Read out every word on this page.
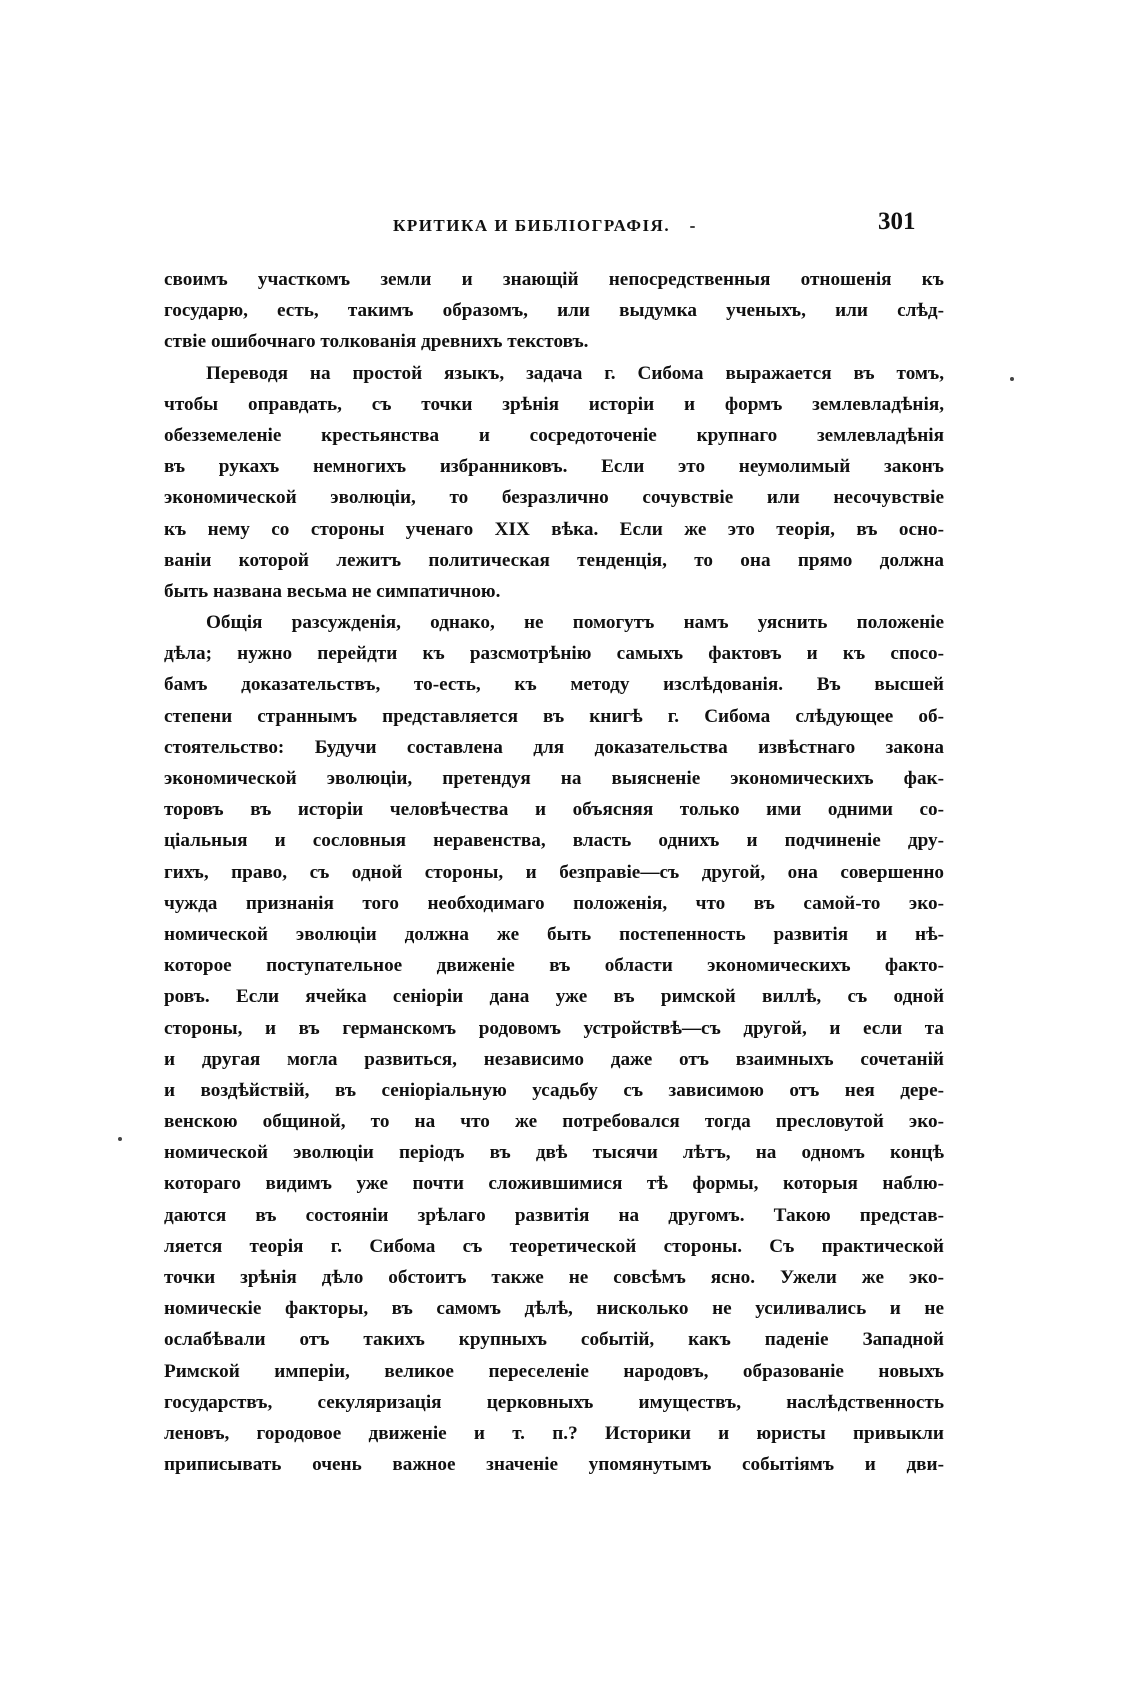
КРИТИКА И БИБЛІОГРАФІЯ.	301
своимъ участкомъ земли и знающій непосредственныя отношенія къ
государю, есть, такимъ образомъ, или выдумка ученыхъ, или слѣд-
ствіе ошибочнаго толкованія древнихъ текстовъ.
Переводя на простой языкъ, задача г. Сибома выражается въ томъ,
чтобы оправдать, съ точки зрѣнія исторіи и формъ землевладѣнія,
обезземеленіе крестьянства и сосредоточеніе крупнаго землевладѣнія
въ рукахъ немногихъ избранниковъ. Если это неумолимый законъ
экономической эволюціи, то безразлично сочувствіе или несочувствіе
къ нему со стороны ученаго XIX вѣка. Если же это теорія, въ осно-
ваніи которой лежитъ политическая тенденція, то она прямо должна
быть названа весьма не симпатичною.
Общія разсужденія, однако, не помогутъ намъ уяснить положеніе
дѣла; нужно перейдти къ разсмотрѣнію самыхъ фактовъ и къ спосо-
бамъ доказательствъ, то-есть, къ методу изслѣдованія. Въ высшей
степени страннымъ представляется въ книгѣ г. Сибома слѣдующее об-
стоятельство: Будучи составлена для доказательства извѣстнаго закона
экономической эволюціи, претендуя на выясненіе экономическихъ фак-
торовъ въ исторіи человѣчества и объясняя только ими одними со-
ціальныя и сословныя неравенства, власть однихъ и подчиненіе дру-
гихъ, право, съ одной стороны, и безправіе—съ другой, она совершенно
чужда признанія того необходимаго положенія, что въ самой-то эко-
номической эволюціи должна же быть постепенность развитія и нѣ-
которое поступательное движеніе въ области экономическихъ факто-
ровъ. Если ячейка сеніоріи дана уже въ римской виллѣ, съ одной
стороны, и въ германскомъ родовомъ устройствѣ—съ другой, и если та
и другая могла развиться, независимо даже отъ взаимныхъ сочетаній
и воздѣйствій, въ сеніоріальную усадьбу съ зависимою отъ нея дере-
венскою общиной, то на что же потребовался тогда пресловутой эко-
номической эволюціи періодъ въ двѣ тысячи лѣтъ, на одномъ концѣ
котораго видимъ уже почти сложившимися тѣ формы, которыя наблю-
даются въ состояніи зрѣлаго развитія на другомъ. Такою представ-
ляется теорія г. Сибома съ теоретической стороны. Съ практической
точки зрѣнія дѣло обстоитъ также не совсѣмъ ясно. Ужели же эко-
номическіе факторы, въ самомъ дѣлѣ, нисколько не усиливались и не
ослабѣвали отъ такихъ крупныхъ событій, какъ паденіе Западной
Римской имперіи, великое переселеніе народовъ, образованіе новыхъ
государствъ, секуляризація церковныхъ имуществъ, наслѣдственность
леновъ, городовое движеніе и т. п.? Историки и юристы привыкли
приписывать очень важное значеніе упомянутымъ событіямъ и дви-
